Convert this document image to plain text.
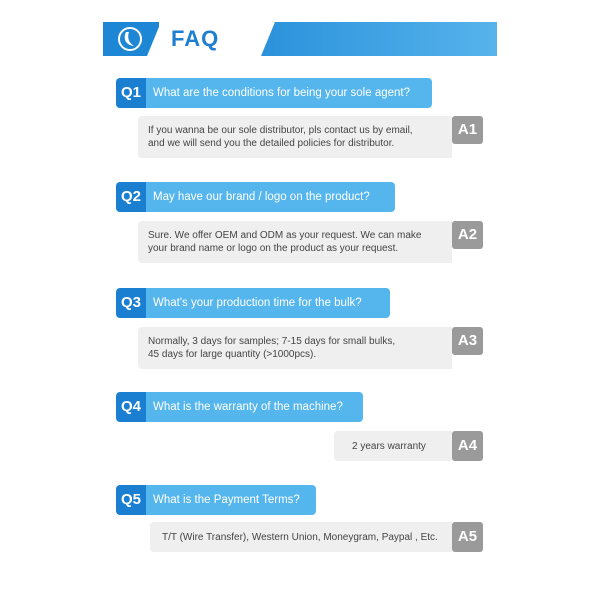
FAQ
Q1	What are the conditions for being your sole agent?
If you wanna be our sole distributor, pls contact us by email,
and we will send you the detailed policies for distributor.
A1
Q2	May have our brand / logo on the product?
Sure. We offer OEM and ODM as your request. We can make
your brand name or logo on the product as your request.
A2
Q3	What's your production time for the bulk?
Normally, 3 days for samples; 7-15 days for small bulks,
45 days for large quantity (>1000pcs).
A3
Q4	What is the warranty of the machine?
2 years warranty	A4
Q5	What is the Payment Terms?
T/T (Wire Transfer), Western Union, Moneygram, Paypal , Etc.	A5
